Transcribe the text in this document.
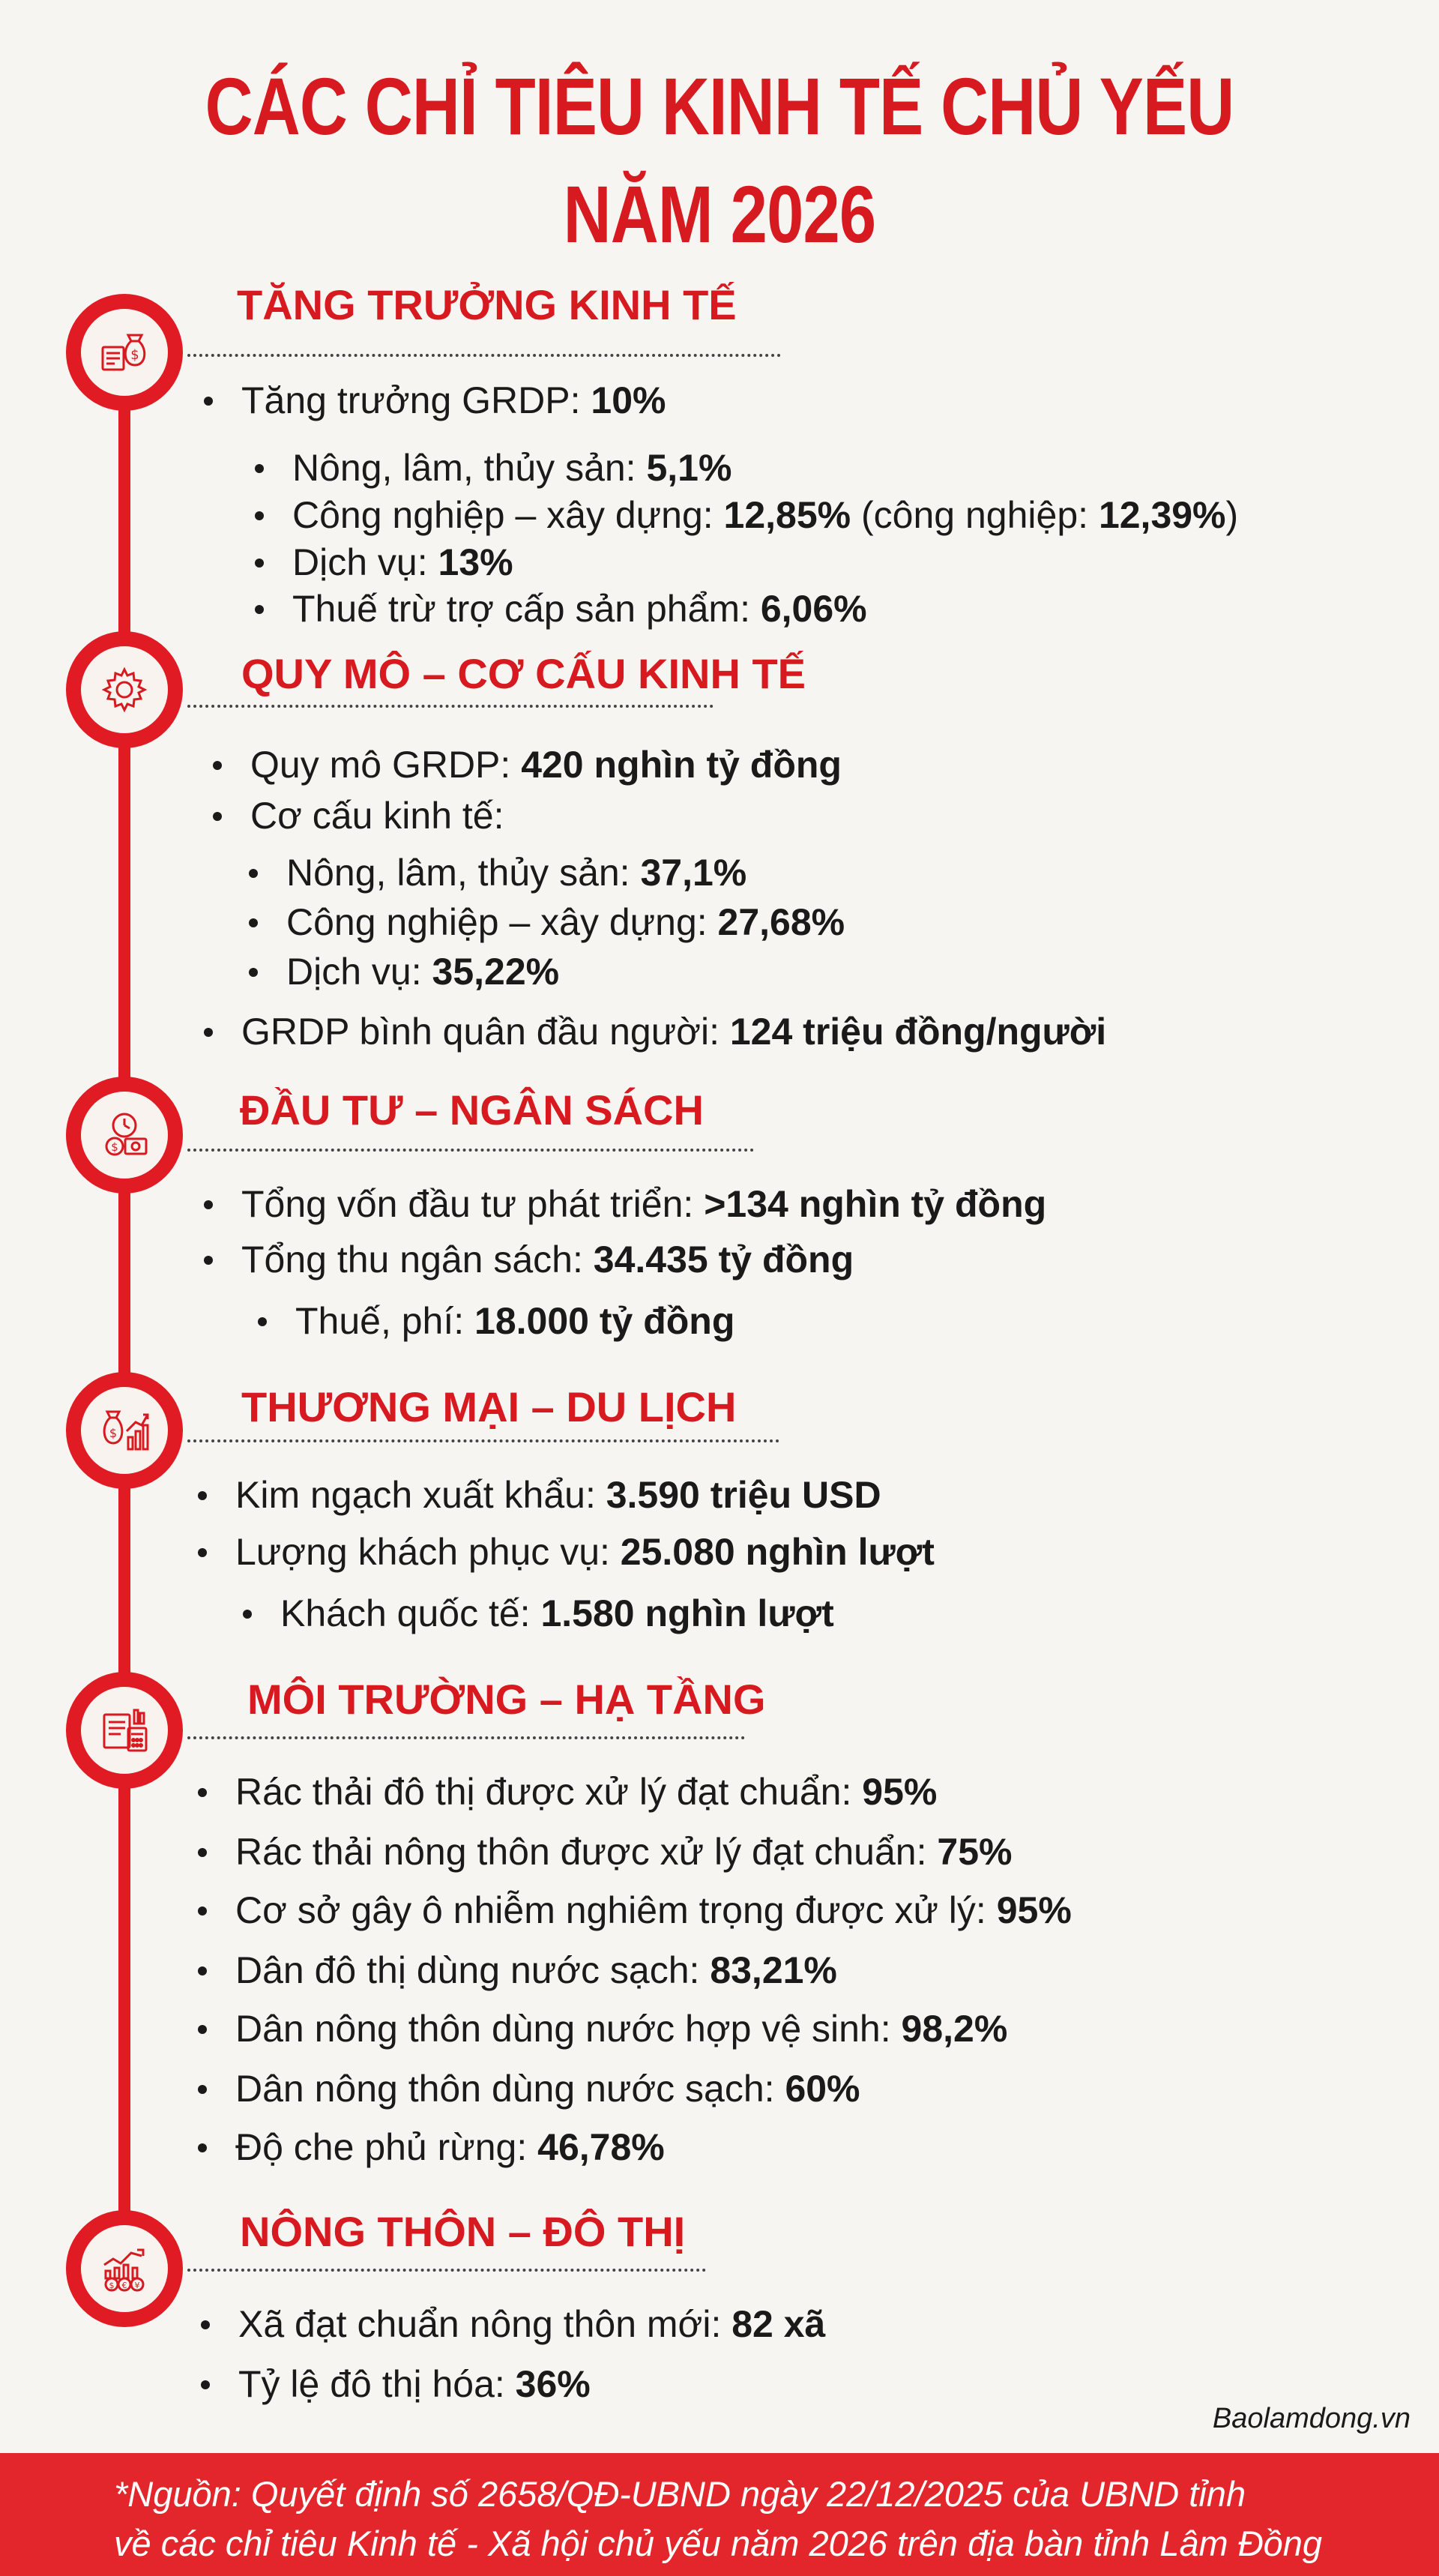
CÁC CHỈ TIÊU KINH TẾ CHỦ YẾU
NĂM 2026
$
TĂNG TRƯỞNG KINH TẾ
Tăng trưởng GRDP: 10%
Nông, lâm, thủy sản: 5,1%
Công nghiệp – xây dựng: 12,85% (công nghiệp: 12,39%)
Dịch vụ: 13%
Thuế trừ trợ cấp sản phẩm: 6,06%
QUY MÔ – CƠ CẤU KINH TẾ
Quy mô GRDP: 420 nghìn tỷ đồng
Cơ cấu kinh tế:
Nông, lâm, thủy sản: 37,1%
Công nghiệp – xây dựng: 27,68%
Dịch vụ: 35,22%
GRDP bình quân đầu người: 124 triệu đồng/người
$
ĐẦU TƯ – NGÂN SÁCH
Tổng vốn đầu tư phát triển: >134 nghìn tỷ đồng
Tổng thu ngân sách: 34.435 tỷ đồng
Thuế, phí: 18.000 tỷ đồng
$
THƯƠNG MẠI – DU LỊCH
Kim ngạch xuất khẩu: 3.590 triệu USD
Lượng khách phục vụ: 25.080 nghìn lượt
Khách quốc tế: 1.580 nghìn lượt
MÔI TRƯỜNG – HẠ TẦNG
Rác thải đô thị được xử lý đạt chuẩn: 95%
Rác thải nông thôn được xử lý đạt chuẩn: 75%
Cơ sở gây ô nhiễm nghiêm trọng được xử lý: 95%
Dân đô thị dùng nước sạch: 83,21%
Dân nông thôn dùng nước hợp vệ sinh: 98,2%
Dân nông thôn dùng nước sạch: 60%
Độ che phủ rừng: 46,78%
$ € ¥
NÔNG THÔN – ĐÔ THỊ
Xã đạt chuẩn nông thôn mới: 82 xã
Tỷ lệ đô thị hóa: 36%
Baolamdong.vn
*Nguồn: Quyết định số 2658/QĐ-UBND ngày 22/12/2025 của UBND tỉnh
về các chỉ tiêu Kinh tế - Xã hội chủ yếu năm 2026 trên địa bàn tỉnh Lâm Đồng
